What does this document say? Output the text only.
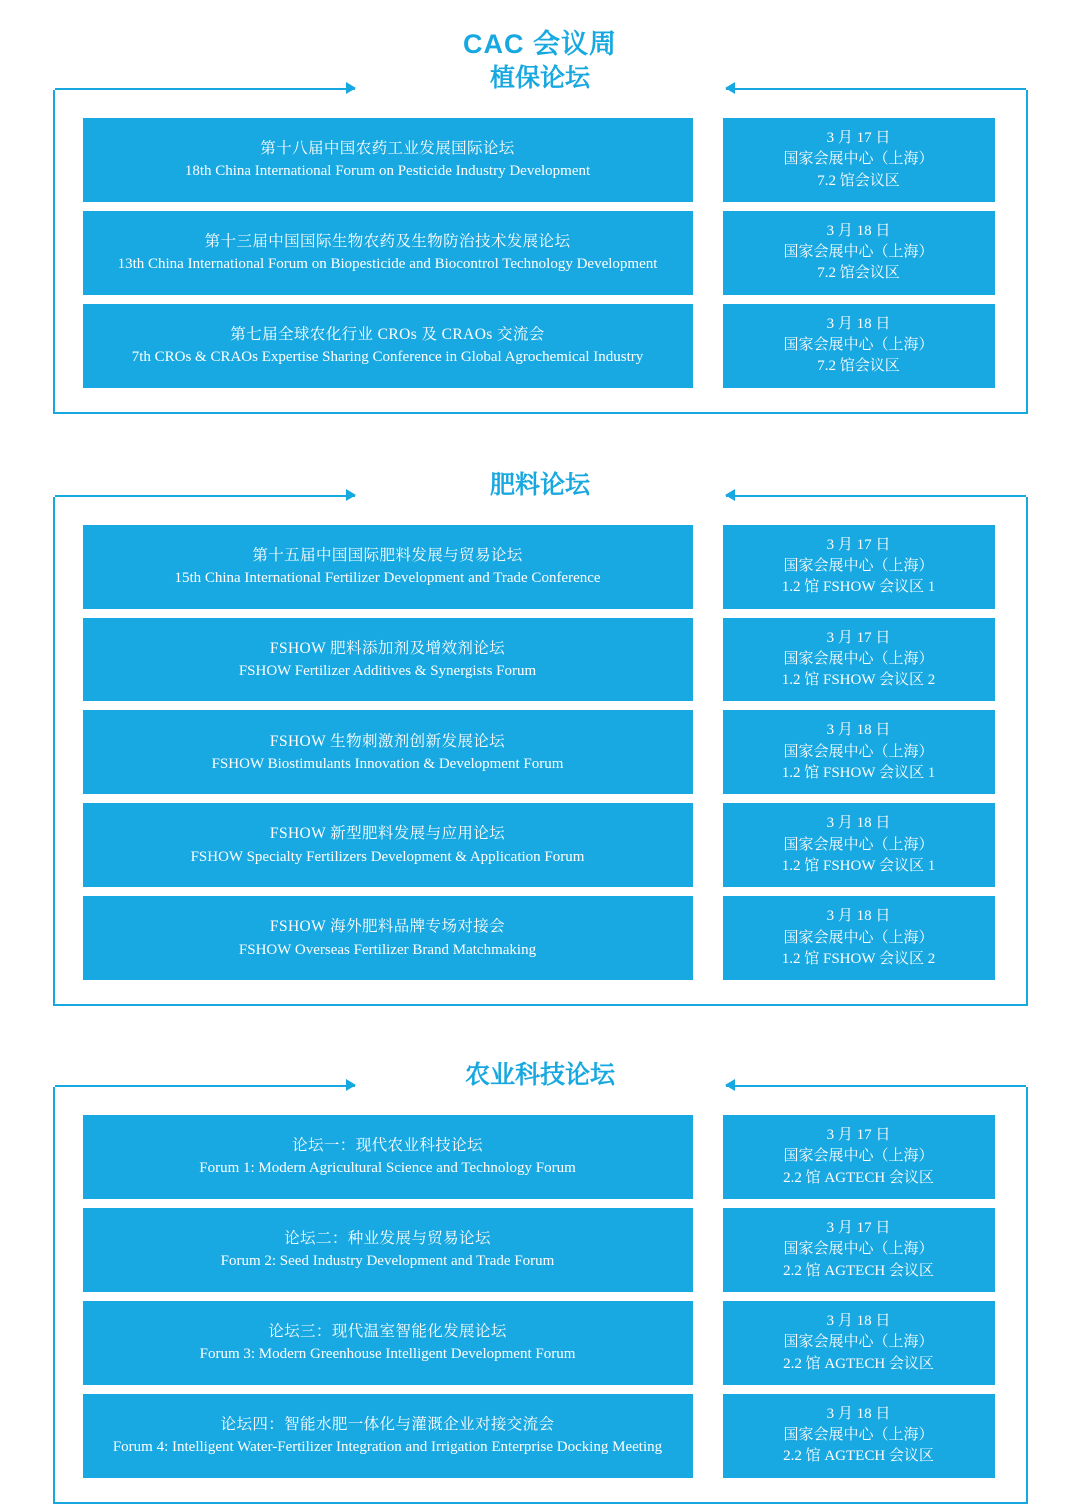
CAC 会议周
植保论坛
第十八届中国农药工业发展国际论坛
18th China International Forum on Pesticide Industry Development
3 月 17 日
国家会展中心（上海）
7.2 馆会议区
第十三届中国国际生物农药及生物防治技术发展论坛
13th China International Forum on Biopesticide and Biocontrol Technology Development
3 月 18 日
国家会展中心（上海）
7.2 馆会议区
第七届全球农化行业 CROs 及 CRAOs 交流会
7th CROs & CRAOs Expertise Sharing Conference in Global Agrochemical Industry
3 月 18 日
国家会展中心（上海）
7.2 馆会议区
肥料论坛
第十五届中国国际肥料发展与贸易论坛
15th China International Fertilizer Development and Trade Conference
3 月 17 日
国家会展中心（上海）
1.2 馆 FSHOW 会议区 1
FSHOW 肥料添加剂及增效剂论坛
FSHOW Fertilizer Additives & Synergists Forum
3 月 17 日
国家会展中心（上海）
1.2 馆 FSHOW 会议区 2
FSHOW 生物刺激剂创新发展论坛
FSHOW Biostimulants Innovation & Development Forum
3 月 18 日
国家会展中心（上海）
1.2 馆 FSHOW 会议区 1
FSHOW 新型肥料发展与应用论坛
FSHOW Specialty Fertilizers Development & Application Forum
3 月 18 日
国家会展中心（上海）
1.2 馆 FSHOW 会议区 1
FSHOW 海外肥料品牌专场对接会
FSHOW Overseas Fertilizer Brand Matchmaking
3 月 18 日
国家会展中心（上海）
1.2 馆 FSHOW 会议区 2
农业科技论坛
论坛一：现代农业科技论坛
Forum 1: Modern Agricultural Science and Technology Forum
3 月 17 日
国家会展中心（上海）
2.2 馆 AGTECH 会议区
论坛二：种业发展与贸易论坛
Forum 2: Seed Industry Development and Trade Forum
3 月 17 日
国家会展中心（上海）
2.2 馆 AGTECH 会议区
论坛三：现代温室智能化发展论坛
Forum 3: Modern Greenhouse Intelligent Development Forum
3 月 18 日
国家会展中心（上海）
2.2 馆 AGTECH 会议区
论坛四：智能水肥一体化与灌溉企业对接交流会
Forum 4: Intelligent Water-Fertilizer Integration and Irrigation Enterprise Docking Meeting
3 月 18 日
国家会展中心（上海）
2.2 馆 AGTECH 会议区
